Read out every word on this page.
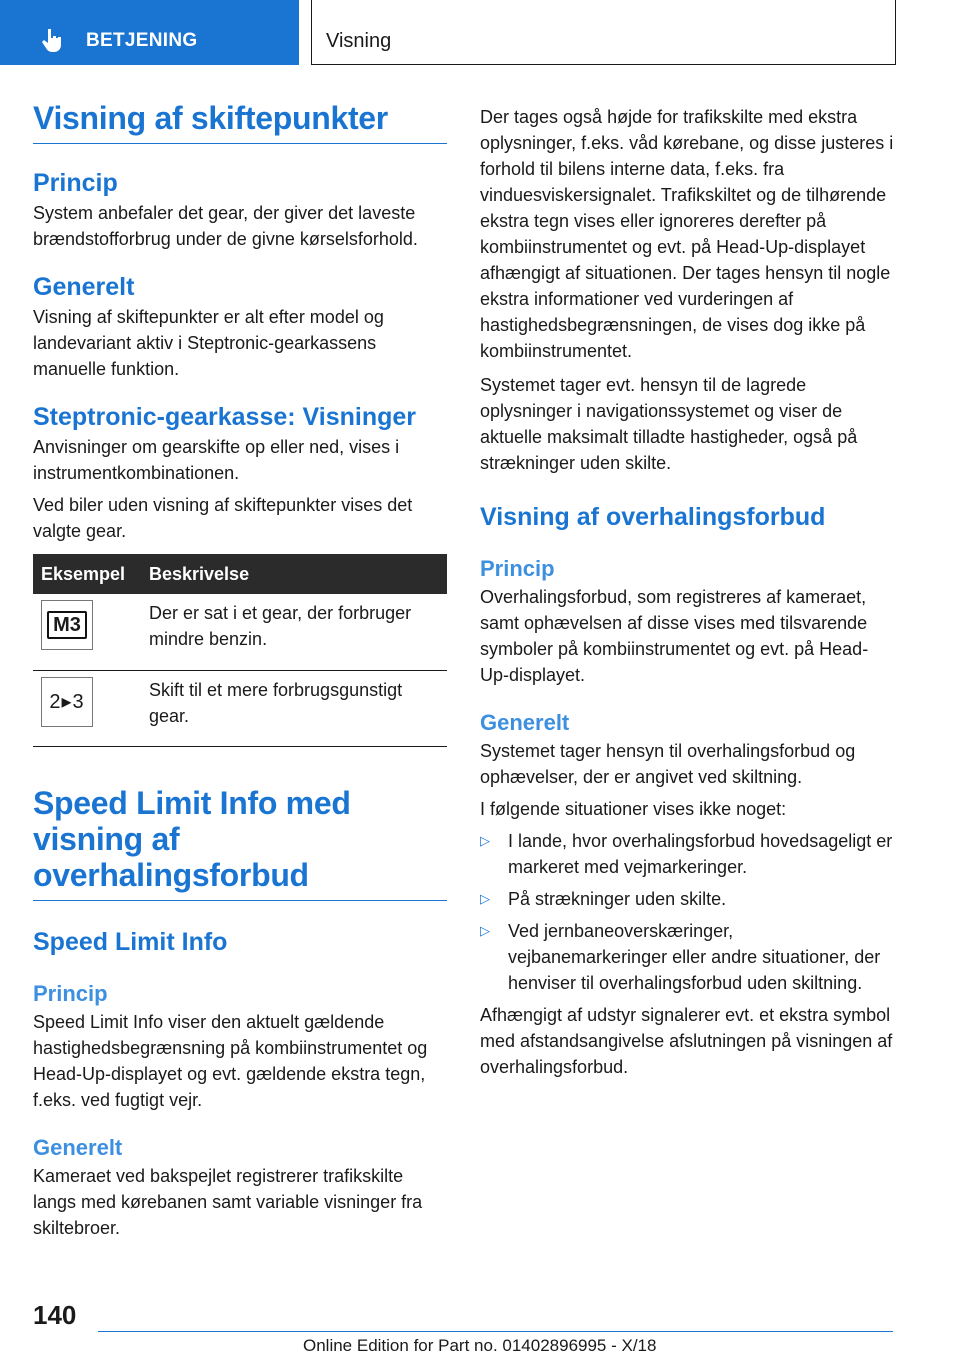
BETJENING	Visning
Visning af skiftepunkter
Princip

System anbefaler det gear, der giver det laveste brændstofforbrug under de givne kørselsforhold.

Generelt

Visning af skiftepunkter er alt efter model og landevariant aktiv i Steptronic-gearkassens manuelle funktion.

Steptronic-gearkasse: Visninger

Anvisninger om gearskifte op eller ned, vises i instrumentkombinationen.

Ved biler uden visning af skiftepunkter vises det valgte gear.

Eksempel	Beskrivelse

M3	Der er sat i et gear, der forbruger mindre benzin.

2▸3	Skift til et mere forbrugsgunstigt gear.
Speed Limit Info med visning af overhalingsforbud
Speed Limit Info
Princip

Speed Limit Info viser den aktuelt gældende hastighedsbegrænsning på kombiinstrumentet og Head-Up-displayet og evt. gældende ekstra tegn, f.eks. ved fugtigt vejr.

Generelt

Kameraet ved bakspejlet registrerer trafikskilte langs med kørebanen samt variable visninger fra skiltebroer.

Der tages også højde for trafikskilte med ekstra oplysninger, f.eks. våd kørebane, og disse justeres i forhold til bilens interne data, f.eks. fra vinduesviskersignalet. Trafikskiltet og de tilhørende ekstra tegn vises eller ignoreres derefter på kombiinstrumentet og evt. på Head-Up-displayet afhængigt af situationen. Der tages hensyn til nogle ekstra informationer ved vurderingen af hastighedsbegrænsningen, de vises dog ikke på kombiinstrumentet.

Systemet tager evt. hensyn til de lagrede oplysninger i navigationssystemet og viser de aktuelle maksimalt tilladte hastigheder, også på strækninger uden skilte.

Visning af overhalingsforbud
Princip

Overhalingsforbud, som registreres af kameraet, samt ophævelsen af disse vises med tilsvarende symboler på kombiinstrumentet og evt. på Head-Up-displayet.

Generelt

Systemet tager hensyn til overhalingsforbud og ophævelser, der er angivet ved skiltning.

I følgende situationer vises ikke noget:

▷ I lande, hvor overhalingsforbud hovedsageligt er markeret med vejmarkeringer.
▷ På strækninger uden skilte.
▷ Ved jernbaneoverskæringer, vejbanemarkeringer eller andre situationer, der henviser til overhalingsforbud uden skiltning.

Afhængigt af udstyr signalerer evt. et ekstra symbol med afstandsangivelse afslutningen på visningen af overhalingsforbud.

140
Online Edition for Part no. 01402896995 - X/18
